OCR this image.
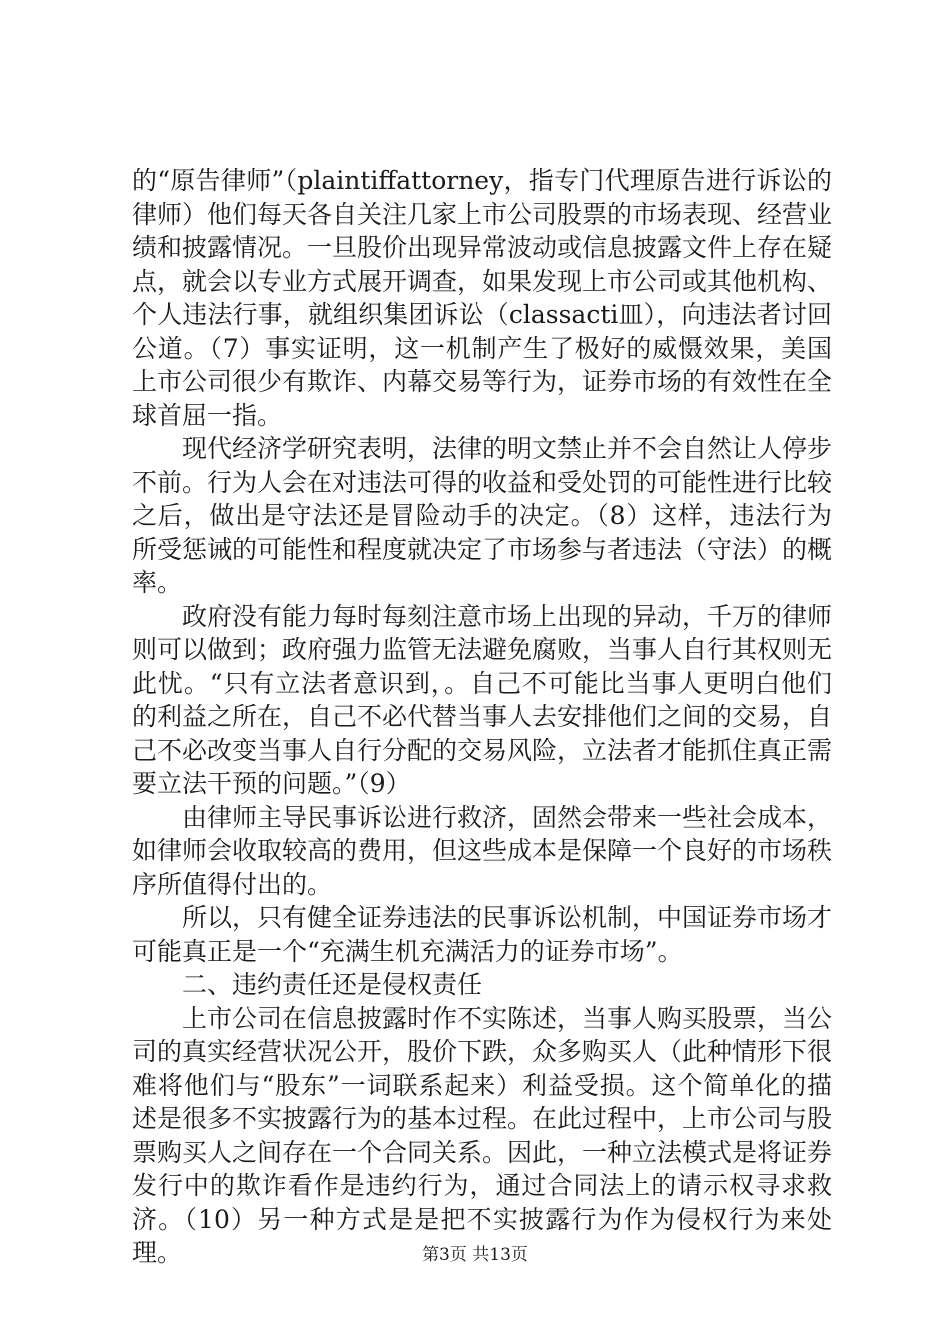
的“原告律师”（plaintiffattorney，指专门代理原告进行诉讼的律师）他们每天各自关注几家上市公司股票的市场表现、经营业绩和披露情况。一旦股价出现异常波动或信息披露文件上存在疑点，就会以专业方式展开调查，如果发现上市公司或其他机构、个人违法行事，就组织集团诉讼（classacti皿），向违法者讨回公道。（7）事实证明，这一机制产生了极好的威慑效果，美国上市公司很少有欺诈、内幕交易等行为，证券市场的有效性在全球首屈一指。

现代经济学研究表明，法律的明文禁止并不会自然让人停步不前。行为人会在对违法可得的收益和受处罚的可能性进行比较之后，做出是守法还是冒险动手的决定。（8）这样，违法行为所受惩诫的可能性和程度就决定了市场参与者违法（守法）的概率。

政府没有能力每时每刻注意市场上出现的异动，千万的律师则可以做到；政府强力监管无法避免腐败，当事人自行其权则无此忧。“只有立法者意识到，。自己不可能比当事人更明白他们的利益之所在，自己不必代替当事人去安排他们之间的交易，自己不必改变当事人自行分配的交易风险，立法者才能抓住真正需要立法干预的问题。”（9）

由律师主导民事诉讼进行救济，固然会带来一些社会成本，如律师会收取较高的费用，但这些成本是保障一个良好的市场秩序所值得付出的。

所以，只有健全证券违法的民事诉讼机制，中国证券市场才可能真正是一个“充满生机充满活力的证券市场”。

二、违约责任还是侵权责任

上市公司在信息披露时作不实陈述，当事人购买股票，当公司的真实经营状况公开，股价下跌，众多购买人（此种情形下很难将他们与“股东”一词联系起来）利益受损。这个简单化的描述是很多不实披露行为的基本过程。在此过程中，上市公司与股票购买人之间存在一个合同关系。因此，一种立法模式是将证券发行中的欺诈看作是违约行为，通过合同法上的请示权寻求救济。（10）另一种方式是是把不实披露行为作为侵权行为来处理。	第3页 共13页
